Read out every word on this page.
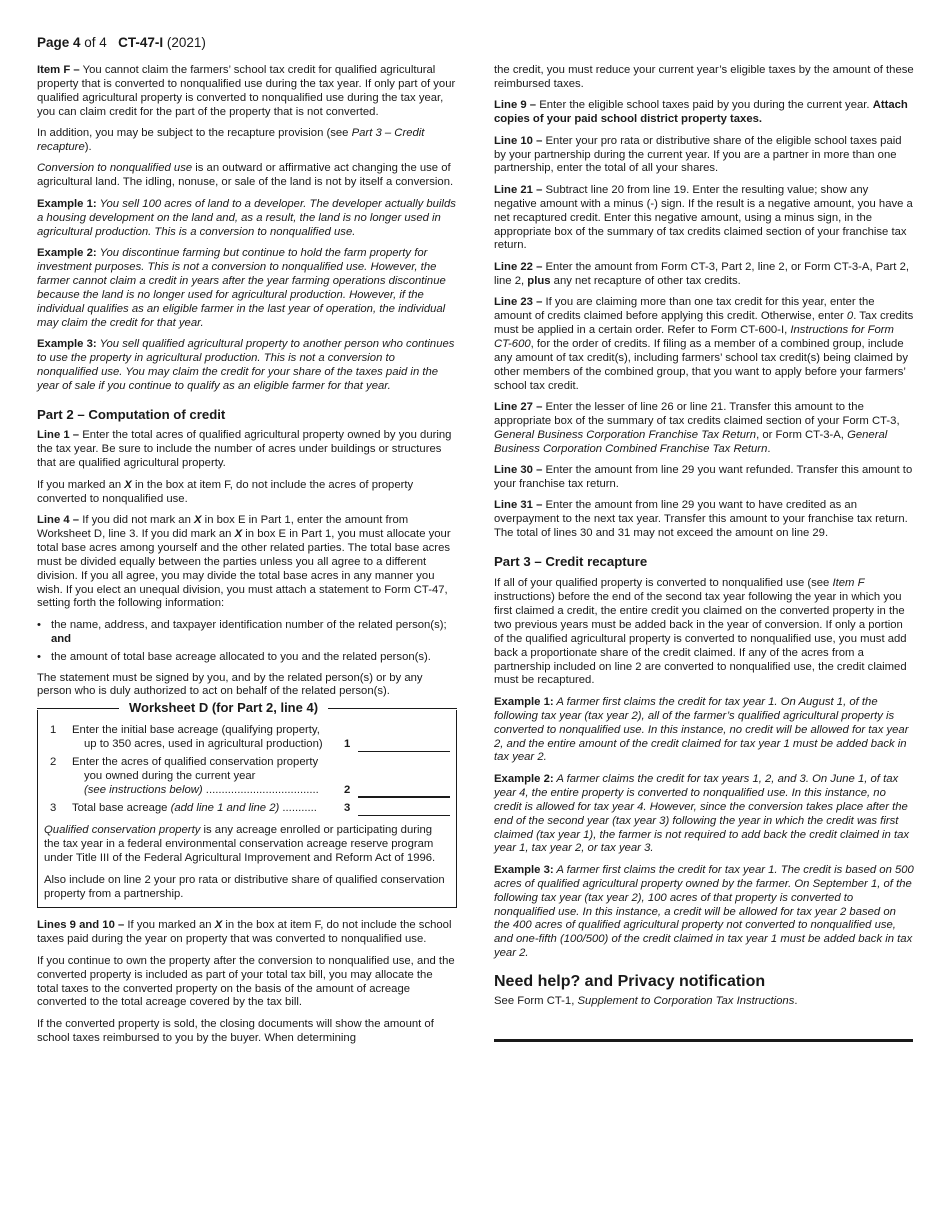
Page 4 of 4 CT-47-I (2021)

Item F – You cannot claim the farmers’ school tax credit for qualified agricultural property that is converted to nonqualified use during the tax year. If only part of your qualified agricultural property is converted to nonqualified use during the tax year, you can claim credit for the part of the property that is not converted.

In addition, you may be subject to the recapture provision (see Part 3 – Credit recapture).

Conversion to nonqualified use is an outward or affirmative act changing the use of agricultural land. The idling, nonuse, or sale of the land is not by itself a conversion.

Example 1: You sell 100 acres of land to a developer. The developer actually builds a housing development on the land and, as a result, the land is no longer used in agricultural production. This is a conversion to nonqualified use.

Example 2: You discontinue farming but continue to hold the farm property for investment purposes. This is not a conversion to nonqualified use. However, the farmer cannot claim a credit in years after the year farming operations discontinue because the land is no longer used for agricultural production. However, if the individual qualifies as an eligible farmer in the last year of operation, the individual may claim the credit for that year.

Example 3: You sell qualified agricultural property to another person who continues to use the property in agricultural production. This is not a conversion to nonqualified use. You may claim the credit for your share of the taxes paid in the year of sale if you continue to qualify as an eligible farmer for that year.

Part 2 – Computation of credit

Line 1 – Enter the total acres of qualified agricultural property owned by you during the tax year. Be sure to include the number of acres under buildings or structures that are qualified agricultural property.

If you marked an X in the box at item F, do not include the acres of property converted to nonqualified use.

Line 4 – If you did not mark an X in box E in Part 1, enter the amount from Worksheet D, line 3. If you did mark an X in box E in Part 1, you must allocate your total base acres among yourself and the other related parties. The total base acres must be divided equally between the parties unless you all agree to a different division. If you all agree, you may divide the total base acres in any manner you wish. If you elect an unequal division, you must attach a statement to Form CT-47, setting forth the following information:

• the name, address, and taxpayer identification number of the related person(s); and
• the amount of total base acreage allocated to you and the related person(s).

The statement must be signed by you, and by the related person(s) or by any person who is duly authorized to act on behalf of the related person(s).

Worksheet D (for Part 2, line 4)
1	Enter the initial base acreage (qualifying property,
up to 350 acres, used in agricultural production)	1
2	Enter the acres of qualified conservation property
you owned during the current year
(see instructions below) ....................................	2
3	Total base acreage (add line 1 and line 2) ...........	3

Qualified conservation property is any acreage enrolled or participating during the tax year in a federal environmental conservation acreage reserve program under Title III of the Federal Agricultural Improvement and Reform Act of 1996.

Also include on line 2 your pro rata or distributive share of qualified conservation property from a partnership.

Lines 9 and 10 – If you marked an X in the box at item F, do not include the school taxes paid during the year on property that was converted to nonqualified use.

If you continue to own the property after the conversion to nonqualified use, and the converted property is included as part of your total tax bill, you may allocate the total taxes to the converted property on the basis of the amount of acreage converted to the total acreage covered by the tax bill.

If the converted property is sold, the closing documents will show the amount of school taxes reimbursed to you by the buyer. When determining

the credit, you must reduce your current year’s eligible taxes by the amount of these reimbursed taxes.

Line 9 – Enter the eligible school taxes paid by you during the current year. Attach copies of your paid school district property taxes.

Line 10 – Enter your pro rata or distributive share of the eligible school taxes paid by your partnership during the current year. If you are a partner in more than one partnership, enter the total of all your shares.

Line 21 – Subtract line 20 from line 19. Enter the resulting value; show any negative amount with a minus (-) sign. If the result is a negative amount, you have a net recaptured credit. Enter this negative amount, using a minus sign, in the appropriate box of the summary of tax credits claimed section of your franchise tax return.

Line 22 – Enter the amount from Form CT-3, Part 2, line 2, or Form CT-3-A, Part 2, line 2, plus any net recapture of other tax credits.

Line 23 – If you are claiming more than one tax credit for this year, enter the amount of credits claimed before applying this credit. Otherwise, enter 0. Tax credits must be applied in a certain order. Refer to Form CT-600-I, Instructions for Form CT-600, for the order of credits. If filing as a member of a combined group, include any amount of tax credit(s), including farmers’ school tax credit(s) being claimed by other members of the combined group, that you want to apply before your farmers’ school tax credit.

Line 27 – Enter the lesser of line 26 or line 21. Transfer this amount to the appropriate box of the summary of tax credits claimed section of your Form CT-3, General Business Corporation Franchise Tax Return, or Form CT-3-A, General Business Corporation Combined Franchise Tax Return.

Line 30 – Enter the amount from line 29 you want refunded. Transfer this amount to your franchise tax return.

Line 31 – Enter the amount from line 29 you want to have credited as an overpayment to the next tax year. Transfer this amount to your franchise tax return. The total of lines 30 and 31 may not exceed the amount on line 29.

Part 3 – Credit recapture

If all of your qualified property is converted to nonqualified use (see Item F instructions) before the end of the second tax year following the year in which you first claimed a credit, the entire credit you claimed on the converted property in the two previous years must be added back in the year of conversion. If only a portion of the qualified agricultural property is converted to nonqualified use, you must add back a proportionate share of the credit claimed. If any of the acres from a partnership included on line 2 are converted to nonqualified use, the credit claimed must be recaptured.

Example 1: A farmer first claims the credit for tax year 1. On August 1, of the following tax year (tax year 2), all of the farmer’s qualified agricultural property is converted to nonqualified use. In this instance, no credit will be allowed for tax year 2, and the entire amount of the credit claimed for tax year 1 must be added back in tax year 2.

Example 2: A farmer claims the credit for tax years 1, 2, and 3. On June 1, of tax year 4, the entire property is converted to nonqualified use. In this instance, no credit is allowed for tax year 4. However, since the conversion takes place after the end of the second year (tax year 3) following the year in which the credit was first claimed (tax year 1), the farmer is not required to add back the credit claimed in tax year 1, tax year 2, or tax year 3.

Example 3: A farmer first claims the credit for tax year 1. The credit is based on 500 acres of qualified agricultural property owned by the farmer. On September 1, of the following tax year (tax year 2), 100 acres of that property is converted to nonqualified use. In this instance, a credit will be allowed for tax year 2 based on the 400 acres of qualified agricultural property not converted to nonqualified use, and one-fifth (100/500) of the credit claimed in tax year 1 must be added back in tax year 2.

Need help? and Privacy notification

See Form CT-1, Supplement to Corporation Tax Instructions.
